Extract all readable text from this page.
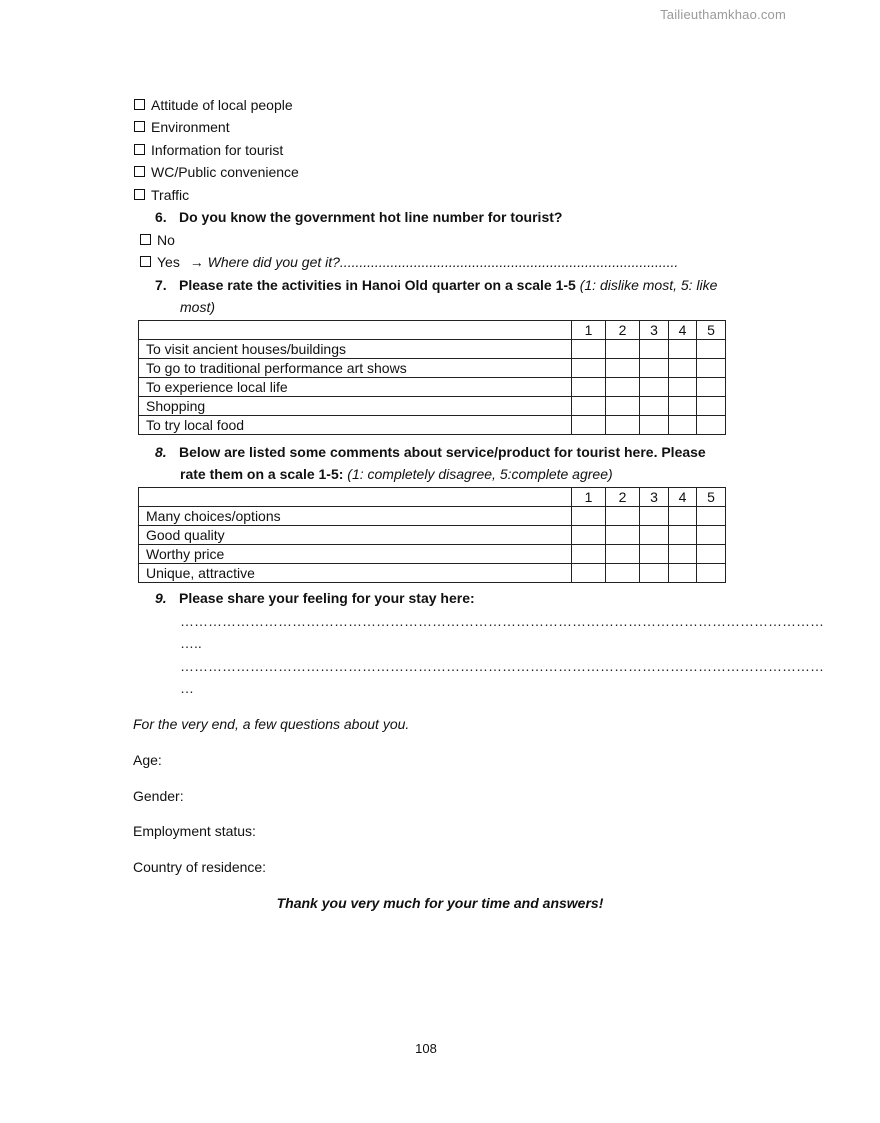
Tailieuthamkhao.com
Attitude of local people
Environment
Information for tourist
WC/Public convenience
Traffic
6. Do you know the government hot line number for tourist?
No
Yes → Where did you get it?.......................................................................................
7. Please rate the activities in Hanoi Old quarter on a scale 1-5 (1: dislike most, 5: like
most)
	1	2	3	4	5
To visit ancient houses/buildings					
To go to traditional performance art shows					
To experience local life					
Shopping					
To try local food					
8. Below are listed some comments about service/product for tourist here. Please
rate them on a scale 1-5: (1: completely disagree, 5:complete agree)
	1	2	3	4	5
Many choices/options					
Good quality					
Worthy price					
Unique, attractive					
9. Please share your feeling for your stay here:
…………………………………………………………………………………………………………………………
…..
…………………………………………………………………………………………………………………………
…
For the very end, a few questions about you.
Age:
Gender:
Employment status:
Country of residence:
Thank you very much for your time and answers!
108
